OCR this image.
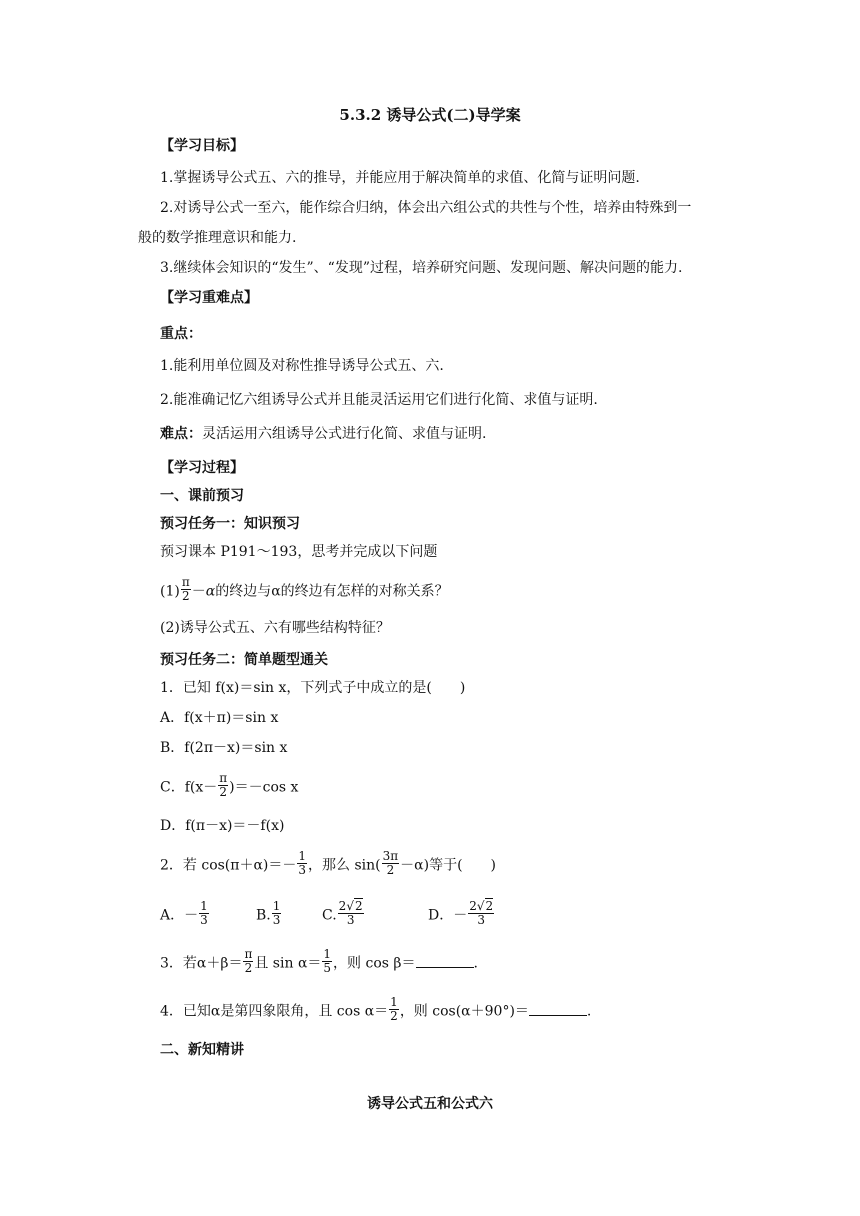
5.3.2 诱导公式(二)导学案
【学习目标】
1.掌握诱导公式五、六的推导，并能应用于解决简单的求值、化简与证明问题.
2.对诱导公式一至六，能作综合归纳，体会出六组公式的共性与个性，培养由特殊到一
般的数学推理意识和能力.
3.继续体会知识的“发生”、“发现”过程，培养研究问题、发现问题、解决问题的能力.
【学习重难点】
重点：
1.能利用单位圆及对称性推导诱导公式五、六.
2.能准确记忆六组诱导公式并且能灵活运用它们进行化简、求值与证明.
难点：灵活运用六组诱导公式进行化简、求值与证明.
【学习过程】
一、课前预习
预习任务一：知识预习
预习课本 P191～193，思考并完成以下问题
$(1) \frac{\pi}{2} -\alpha$的终边与α的终边有怎样的对称关系？
(2)诱导公式五、六有哪些结构特征？
预习任务二：简单题型通关
1．已知 f(x)＝sin x，下列式子中成立的是(　　)
A．f(x＋π)＝sin x
B．f(2π－x)＝sin x
C．$f(x- \frac{\pi}{2} )=-\cos$ x
D．f(π－x)＝－f(x)
2．若 $\cos(\pi+\alpha)=- \frac{1}{3}$ ，那么 $\sin( \frac{3\pi}{2} -\alpha)$等于(　　)
A．－ $\frac{1}{3}$	B. $\frac{1}{3}$	C. $\frac{2√2}{3}$	D．－ $\frac{2√2}{3}$
3．若$\alpha+\beta= \frac{\pi}{2}$ 且 $\sin \alpha= \frac{1}{5}$ ，则 cos β＝	.
4．已知α是第四象限角，且 $\cos \alpha= \frac{1}{2}$ ，则 cos(α＋90°)＝	.
二、新知精讲
诱导公式五和公式六
